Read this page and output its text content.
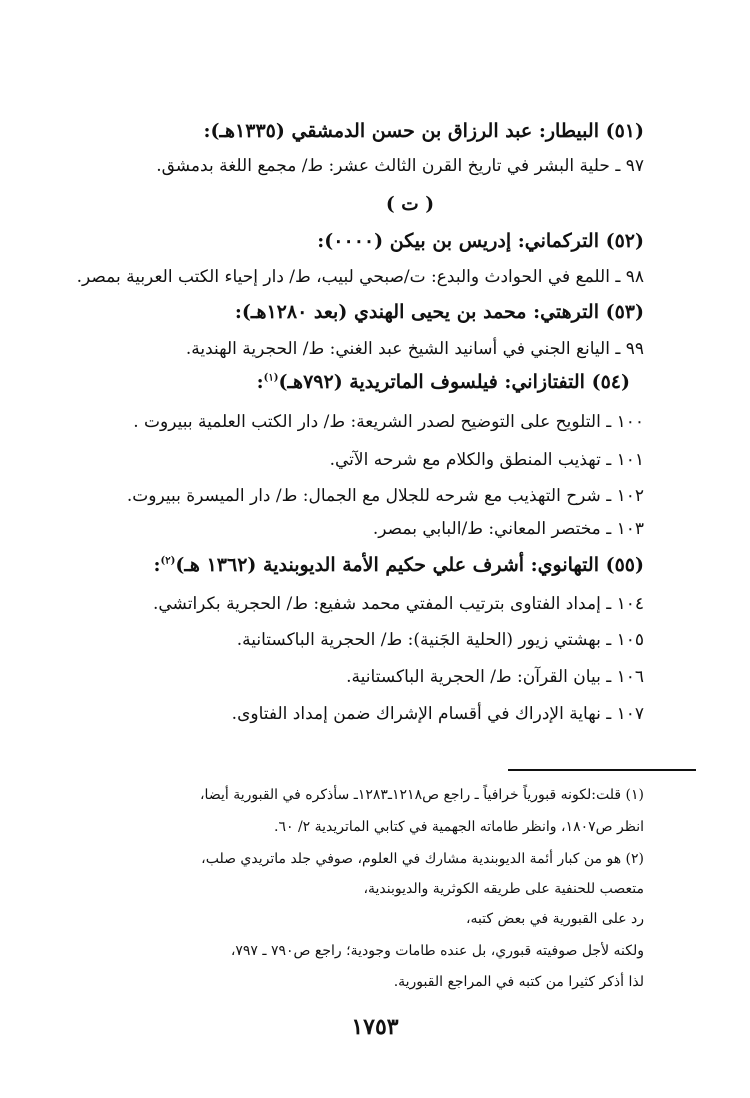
(٥١) البيطار: عبد الرزاق بن حسن الدمشقي (١٣٣٥هـ):
٩٧ ـ حلية البشر في تاريخ القرن الثالث عشر: ط/ مجمع اللغة بدمشق.
( ت )
(٥٢) التركماني: إدريس بن بيكن (٠٠٠٠):
٩٨ ـ اللمع في الحوادث والبدع: ت/صبحي لبيب، ط/ دار إحياء الكتب العربية بمصر.
(٥٣) الترهتي: محمد بن يحيى الهندي (بعد ١٢٨٠هـ):
٩٩ ـ اليانع الجني في أسانيد الشيخ عبد الغني: ط/ الحجرية الهندية.
(٥٤) التفتازاني: فيلسوف الماتريدية (٧٩٢هـ)$^{(١)}$:
١٠٠ ـ التلويح على التوضيح لصدر الشريعة: ط/ دار الكتب العلمية ببيروت .
١٠١ ـ تهذيب المنطق والكلام مع شرحه الآتي.
١٠٢ ـ شرح التهذيب مع شرحه للجلال مع الجمال: ط/ دار الميسرة ببيروت.
١٠٣ ـ مختصر المعاني: ط/البابي بمصر.
(٥٥) التهانوي: أشرف علي حكيم الأمة الديوبندية (١٣٦٢ هـ)$^{(٢)}$:
١٠٤ ـ إمداد الفتاوى بترتيب المفتي محمد شفيع: ط/ الحجرية بكراتشي.
١٠٥ ـ بهشتي زيور (الحلية الجَنية): ط/ الحجرية الباكستانية.
١٠٦ ـ بيان القرآن: ط/ الحجرية الباكستانية.
١٠٧ ـ نهاية الإدراك في أقسام الإشراك ضمن إمداد الفتاوى.
(١) قلت:لكونه قبورياً خرافياً ـ راجع ص١٢١٨ـ١٢٨٣ـ سأذكره في القبورية أيضا،
انظر ص١٨٠٧، وانظر طاماته الجهمية في كتابي الماتريدية ٢/ ٦٠.
(٢) هو من كبار أئمة الديوبندية مشارك في العلوم، صوفي جلد ماتريدي صلب،
متعصب للحنفية على طريقه الكوثرية والديوبندية،
رد على القبورية في بعض كتبه،
ولكنه لأجل صوفيته قبوري، بل عنده طامات وجودية؛ راجع ص٧٩٠ ـ ٧٩٧،
لذا أذكر كثيرا من كتبه في المراجع القبورية.
١٧٥٣
